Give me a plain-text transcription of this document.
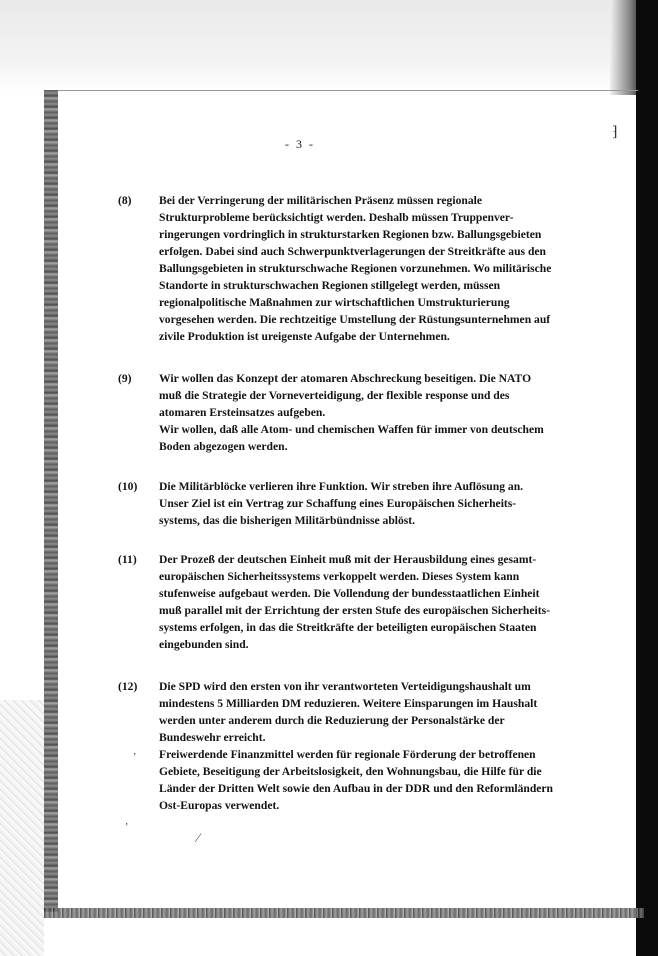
- 3 -
(8)	Bei der Verringerung der militärischen Präsenz müssen regionale
Strukturprobleme berücksichtigt werden. Deshalb müssen Truppenver-
ringerungen vordringlich in strukturstarken Regionen bzw. Ballungsgebieten
erfolgen. Dabei sind auch Schwerpunktverlagerungen der Streitkräfte aus den
Ballungsgebieten in strukturschwache Regionen vorzunehmen. Wo militärische
Standorte in strukturschwachen Regionen stillgelegt werden, müssen
regionalpolitische Maßnahmen zur wirtschaftlichen Umstrukturierung
vorgesehen werden. Die rechtzeitige Umstellung der Rüstungsunternehmen auf
zivile Produktion ist ureigenste Aufgabe der Unternehmen.
(9)	Wir wollen das Konzept der atomaren Abschreckung beseitigen. Die NATO
muß die Strategie der Vorneverteidigung, der flexible response und des
atomaren Ersteinsatzes aufgeben.
Wir wollen, daß alle Atom- und chemischen Waffen für immer von deutschem
Boden abgezogen werden.
(10)	Die Militärblöcke verlieren ihre Funktion. Wir streben ihre Auflösung an.
Unser Ziel ist ein Vertrag zur Schaffung eines Europäischen Sicherheits-
systems, das die bisherigen Militärbündnisse ablöst.
(11)	Der Prozeß der deutschen Einheit muß mit der Herausbildung eines gesamt-
europäischen Sicherheitssystems verkoppelt werden. Dieses System kann
stufenweise aufgebaut werden. Die Vollendung der bundesstaatlichen Einheit
muß parallel mit der Errichtung der ersten Stufe des europäischen Sicherheits-
systems erfolgen, in das die Streitkräfte der beteiligten europäischen Staaten
eingebunden sind.
(12)	Die SPD wird den ersten von ihr verantworteten Verteidigungshaushalt um
mindestens 5 Milliarden DM reduzieren. Weitere Einsparungen im Haushalt
werden unter anderem durch die Reduzierung der Personalstärke der
Bundeswehr erreicht.
Freiwerdende Finanzmittel werden für regionale Förderung der betroffenen
Gebiete, Beseitigung der Arbeitslosigkeit, den Wohnungsbau, die Hilfe für die
Länder der Dritten Welt sowie den Aufbau in der DDR und den Reformländern
Ost-Europas verwendet.
⁆
’
’
⁄
